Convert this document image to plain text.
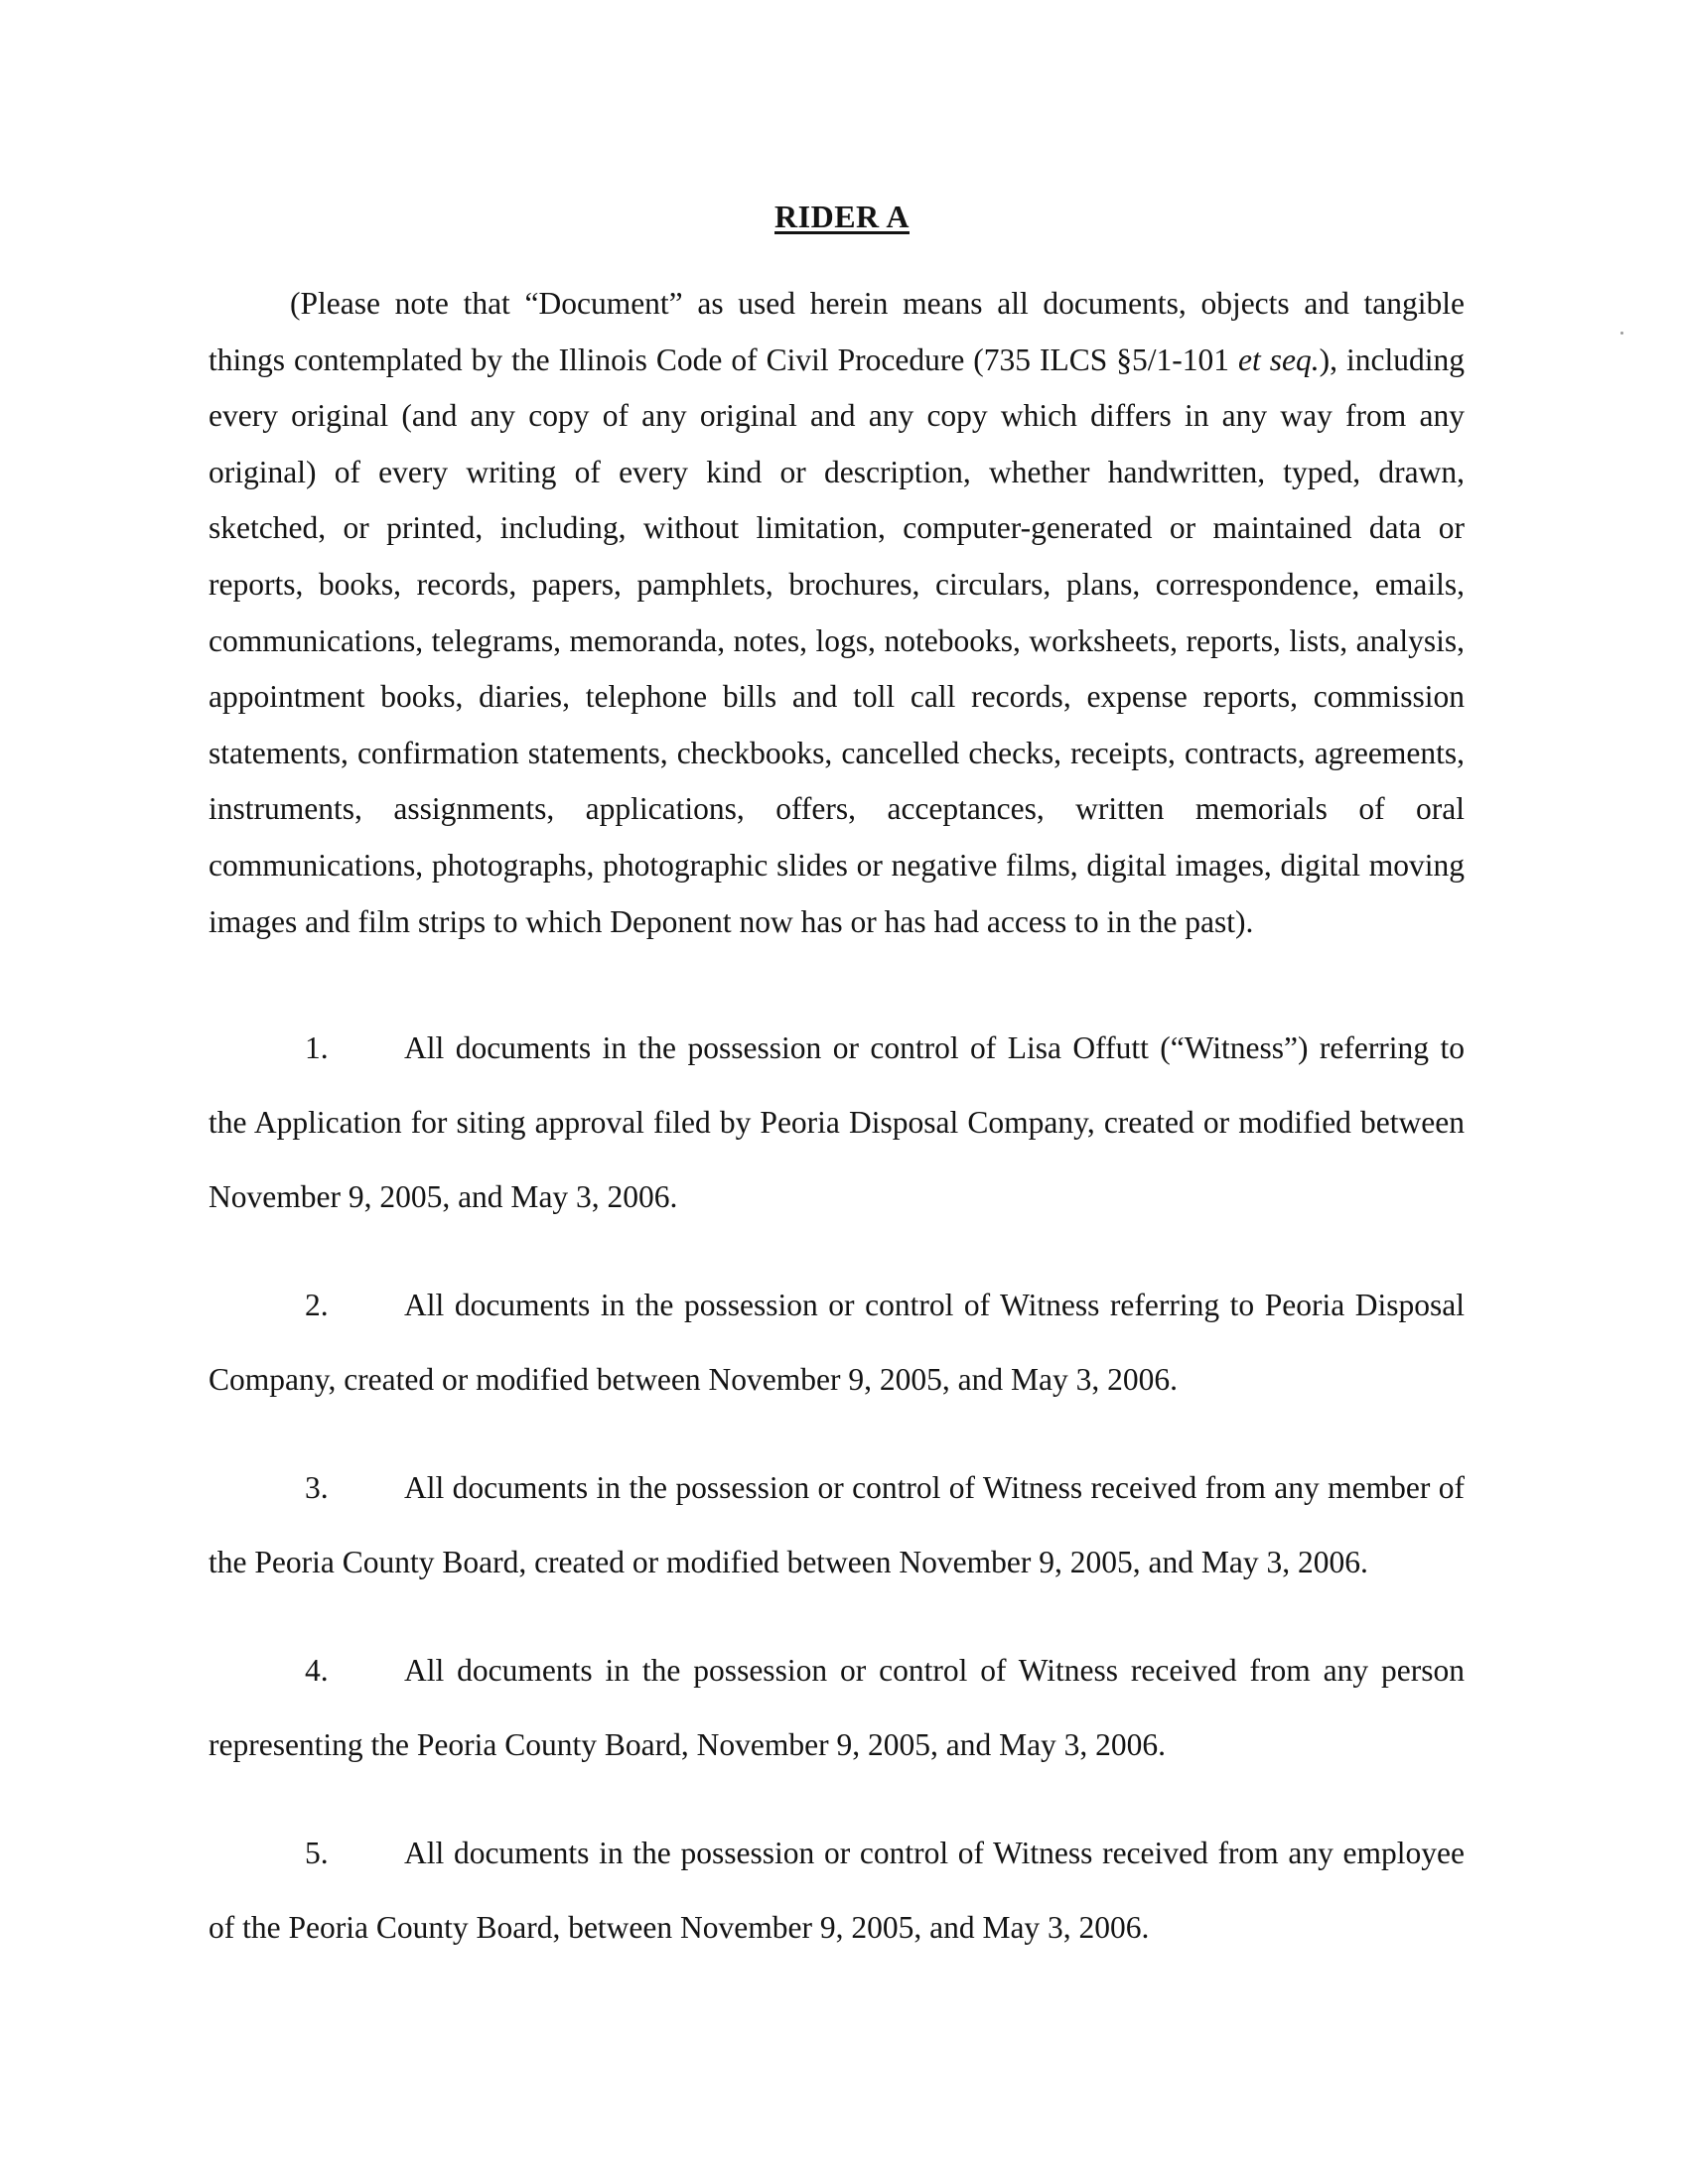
RIDER A

(Please note that “Document” as used herein means all documents, objects and tangible things contemplated by the Illinois Code of Civil Procedure (735 ILCS §5/1-101 et seq.), including every original (and any copy of any original and any copy which differs in any way from any original) of every writing of every kind or description, whether handwritten, typed, drawn, sketched, or printed, including, without limitation, computer-generated or maintained data or reports, books, records, papers, pamphlets, brochures, circulars, plans, correspondence, emails, communications, telegrams, memoranda, notes, logs, notebooks, worksheets, reports, lists, analysis, appointment books, diaries, telephone bills and toll call records, expense reports, commission statements, confirmation statements, checkbooks, cancelled checks, receipts, contracts, agreements, instruments, assignments, applications, offers, acceptances, written memorials of oral communications, photographs, photographic slides or negative films, digital images, digital moving images and film strips to which Deponent now has or has had access to in the past).

1. All documents in the possession or control of Lisa Offutt (“Witness”) referring to the Application for siting approval filed by Peoria Disposal Company, created or modified between November 9, 2005, and May 3, 2006.
2. All documents in the possession or control of Witness referring to Peoria Disposal Company, created or modified between November 9, 2005, and May 3, 2006.
3. All documents in the possession or control of Witness received from any member of the Peoria County Board, created or modified between November 9, 2005, and May 3, 2006.
4. All documents in the possession or control of Witness received from any person representing the Peoria County Board, November 9, 2005, and May 3, 2006.
5. All documents in the possession or control of Witness received from any employee of the Peoria County Board, between November 9, 2005, and May 3, 2006.
